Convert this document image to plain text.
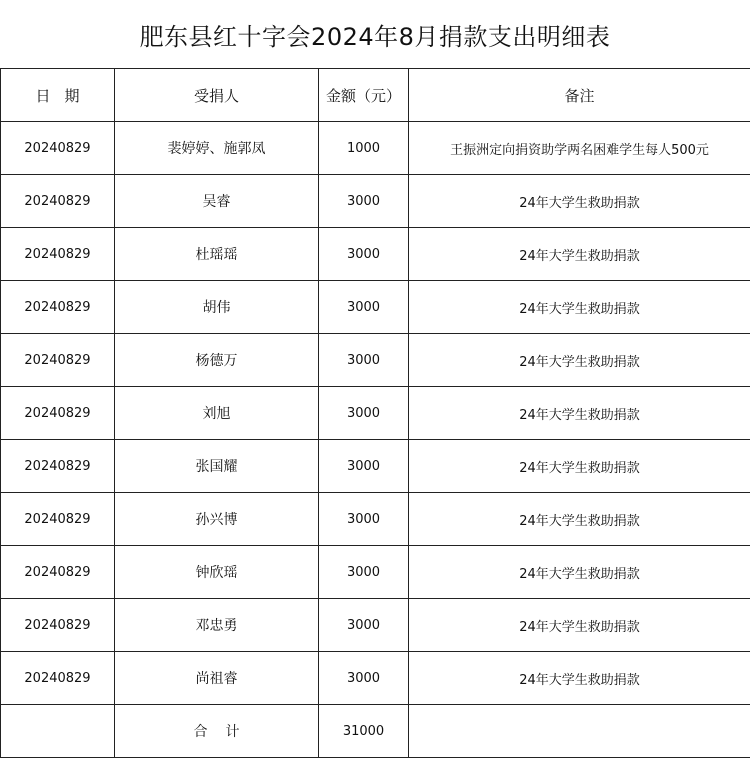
肥东县红十字会2024年8月捐款支出明细表
日期	受捐人	金额（元）	备注
20240829	裴婷婷、施郭凤	1000	王振洲定向捐资助学两名困难学生每人500元
20240829	吴睿	3000	24年大学生救助捐款
20240829	杜瑶瑶	3000	24年大学生救助捐款
20240829	胡伟	3000	24年大学生救助捐款
20240829	杨德万	3000	24年大学生救助捐款
20240829	刘旭	3000	24年大学生救助捐款
20240829	张国耀	3000	24年大学生救助捐款
20240829	孙兴博	3000	24年大学生救助捐款
20240829	钟欣瑶	3000	24年大学生救助捐款
20240829	邓忠勇	3000	24年大学生救助捐款
20240829	尚祖睿	3000	24年大学生救助捐款
	合计	31000	
